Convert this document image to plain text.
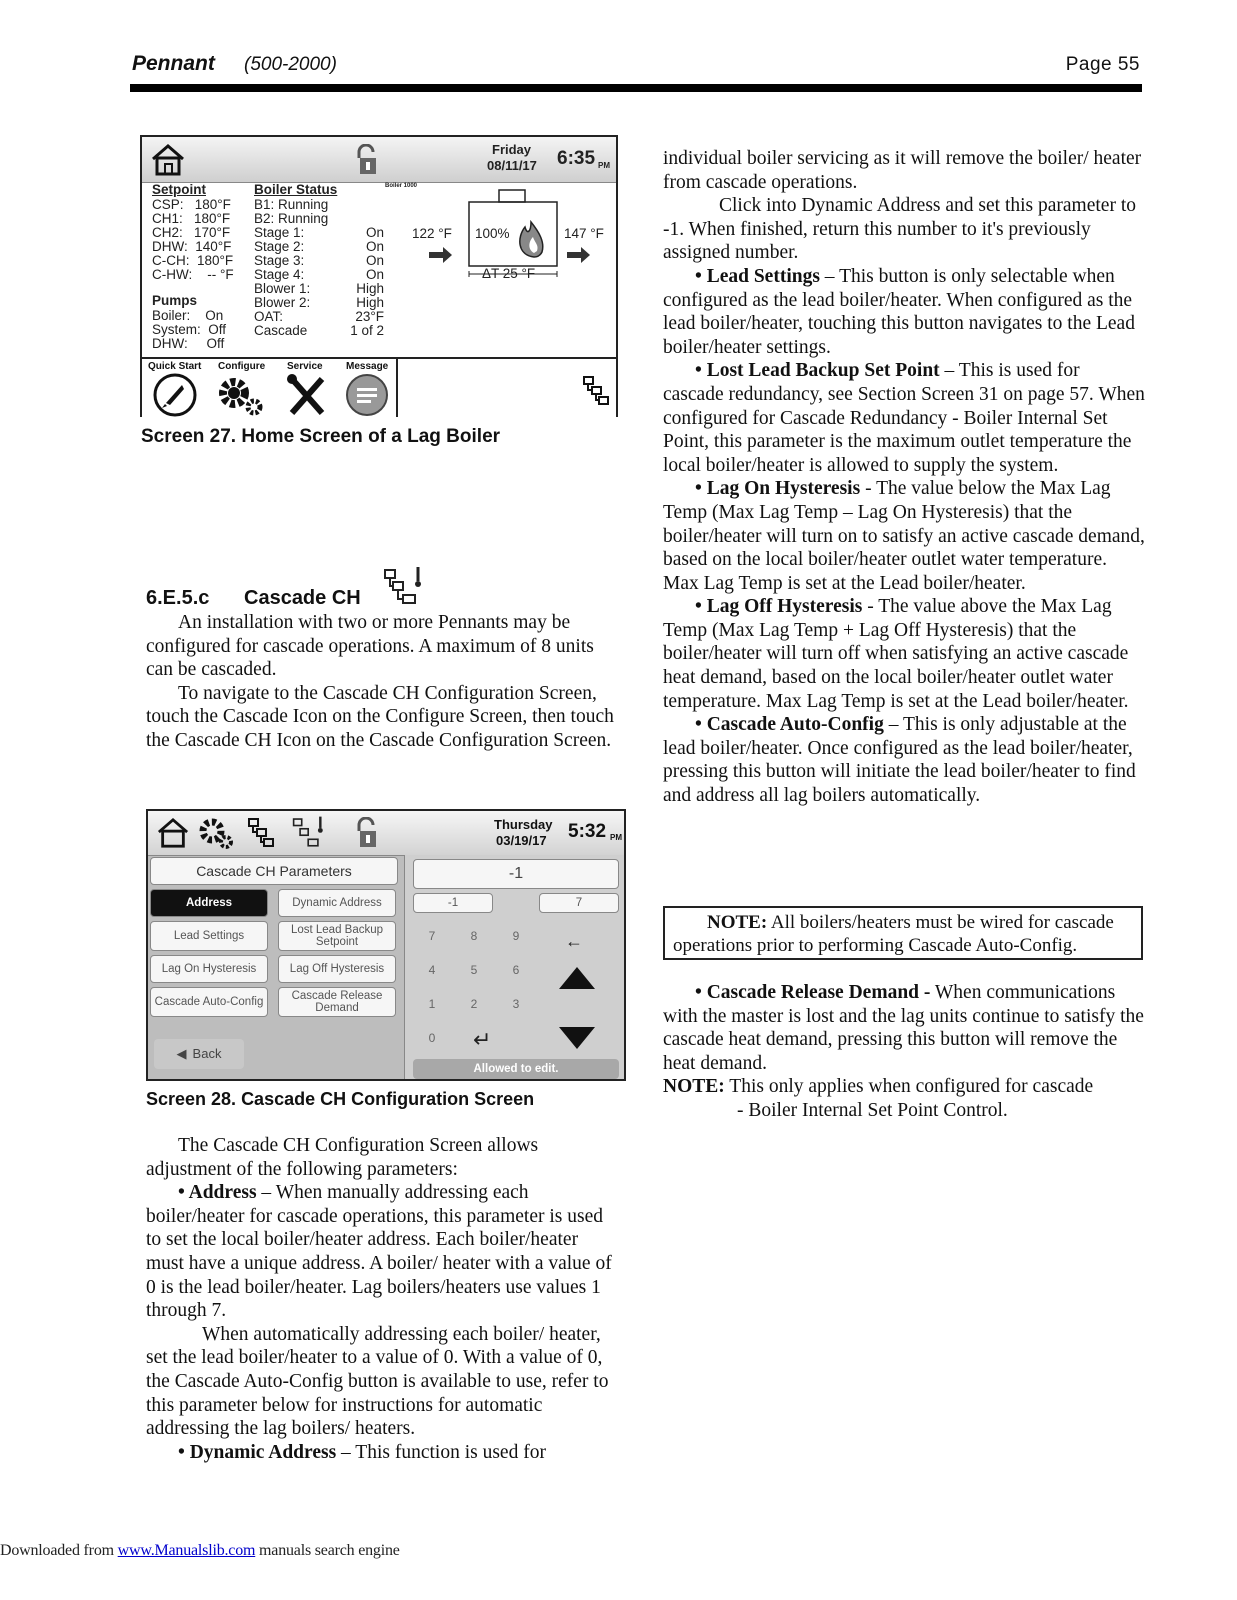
Pennant (500-2000)	Page 55
Friday
08/11/17 6:35 PM
Boiler 1000
Setpoint
CSP:   180°F
CH1:   180°F
CH2:   170°F
DHW:  140°F
C-CH:  180°F
C-HW:    -- °F
Pumps
Boiler:    On
System:  Off
DHW:     Off
Boiler Status
B1: Running
B2: Running
Stage 1:	On
Stage 2:	On
Stage 3:	On
Stage 4:	On
Blower 1:	High
Blower 2:	High
OAT:	23°F
Cascade	1 of 2
122 °F 100%	147 °F
ΔT 25 °F
Quick Start Configure Service Message
Screen 27. Home Screen of a Lag Boiler
6.E.5.c Cascade CH

An installation with two or more Pennants may be configured for cascade operations. A maximum of 8 units can be cascaded.

To navigate to the Cascade CH Configuration Screen, touch the Cascade Icon on the Configure Screen, then touch the Cascade CH Icon on the Cascade Configuration Screen.

Thursday
03/19/17 5:32 PM
Cascade CH Parameters
Address	Dynamic Address
Lead Settings	Lost Lead Backup Setpoint
Lag On Hysteresis	Lag Off Hysteresis
Cascade Auto-Config	Cascade Release Demand
◀ Back
-1
-1	7
7	8	9
4	5	6
1	2	3
0
←
↵
Allowed to edit.
Screen 28. Cascade CH Configuration Screen

The Cascade CH Configuration Screen allows adjustment of the following parameters:

• Address – When manually addressing each boiler/heater for cascade operations, this parameter is used to set the local boiler/heater address. Each boiler/heater must have a unique address. A boiler/ heater with a value of 0 is the lead boiler/heater. Lag boilers/heaters use values 1 through 7.

When automatically addressing each boiler/ heater, set the lead boiler/heater to a value of 0. With a value of 0, the Cascade Auto-Config button is available to use, refer to this parameter below for instructions for automatic addressing the lag boilers/ heaters.

• Dynamic Address – This function is used for

individual boiler servicing as it will remove the boiler/ heater from cascade operations.

Click into Dynamic Address and set this parameter to -1. When finished, return this number to it's previously assigned number.

• Lead Settings – This button is only selectable when configured as the lead boiler/heater. When configured as the lead boiler/heater, touching this button navigates to the Lead boiler/heater settings.

• Lost Lead Backup Set Point – This is used for cascade redundancy, see Section Screen 31 on page 57. When configured for Cascade Redundancy - Boiler Internal Set Point, this parameter is the maximum outlet temperature the local boiler/heater is allowed to supply the system.

• Lag On Hysteresis - The value below the Max Lag Temp (Max Lag Temp – Lag On Hysteresis) that the boiler/heater will turn on to satisfy an active cascade demand, based on the local boiler/heater outlet water temperature. Max Lag Temp is set at the Lead boiler/heater.

• Lag Off Hysteresis - The value above the Max Lag Temp (Max Lag Temp + Lag Off Hysteresis) that the boiler/heater will turn off when satisfying an active cascade heat demand, based on the local boiler/heater outlet water temperature. Max Lag Temp is set at the Lead boiler/heater.

• Cascade Auto-Config – This is only adjustable at the lead boiler/heater. Once configured as the lead boiler/heater, pressing this button will initiate the lead boiler/heater to find and address all lag boilers automatically.

NOTE: All boilers/heaters must be wired for cascade operations prior to performing Cascade Auto-Config.

• Cascade Release Demand - When communications with the master is lost and the lag units continue to satisfy the cascade heat demand, pressing this button will remove the heat demand.

NOTE: This only applies when configured for cascade

- Boiler Internal Set Point Control.

Downloaded from www.Manualslib.com manuals search engine
